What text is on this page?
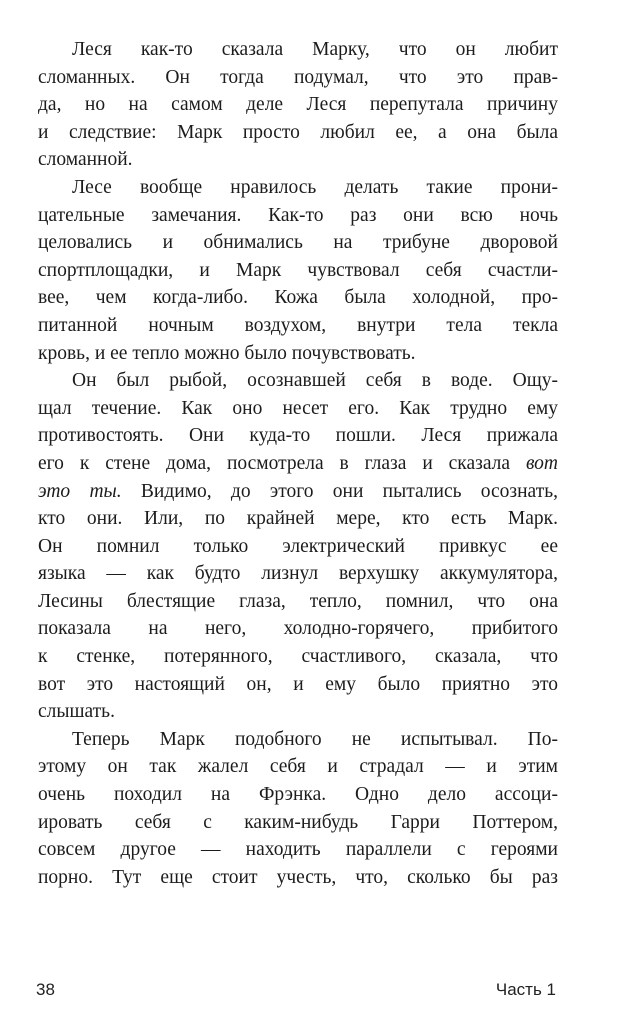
Леся как-то сказала Марку, что он любит
сломанных. Он тогда подумал, что это прав-
да, но на самом деле Леся перепутала причину
и следствие: Марк просто любил ее, а она была
сломанной.
Лесе вообще нравилось делать такие прони-
цательные замечания. Как-то раз они всю ночь
целовались и обнимались на трибуне дворовой
спортплощадки, и Марк чувствовал себя счастли-
вее, чем когда-либо. Кожа была холодной, про-
питанной ночным воздухом, внутри тела текла
кровь, и ее тепло можно было почувствовать.
Он был рыбой, осознавшей себя в воде. Ощу-
щал течение. Как оно несет его. Как трудно ему
противостоять. Они куда-то пошли. Леся прижала
его к стене дома, посмотрела в глаза и сказала вот
это ты. Видимо, до этого они пытались осознать,
кто они. Или, по крайней мере, кто есть Марк.
Он помнил только электрический привкус ее
языка — как будто лизнул верхушку аккумулятора,
Лесины блестящие глаза, тепло, помнил, что она
показала на него, холодно-горячего, прибитого
к стенке, потерянного, счастливого, сказала, что
вот это настоящий он, и ему было приятно это
слышать.
Теперь Марк подобного не испытывал. По-
этому он так жалел себя и страдал — и этим
очень походил на Фрэнка. Одно дело ассоци-
ировать себя с каким-нибудь Гарри Поттером,
совсем другое — находить параллели с героями
порно. Тут еще стоит учесть, что, сколько бы раз
38	Часть 1
